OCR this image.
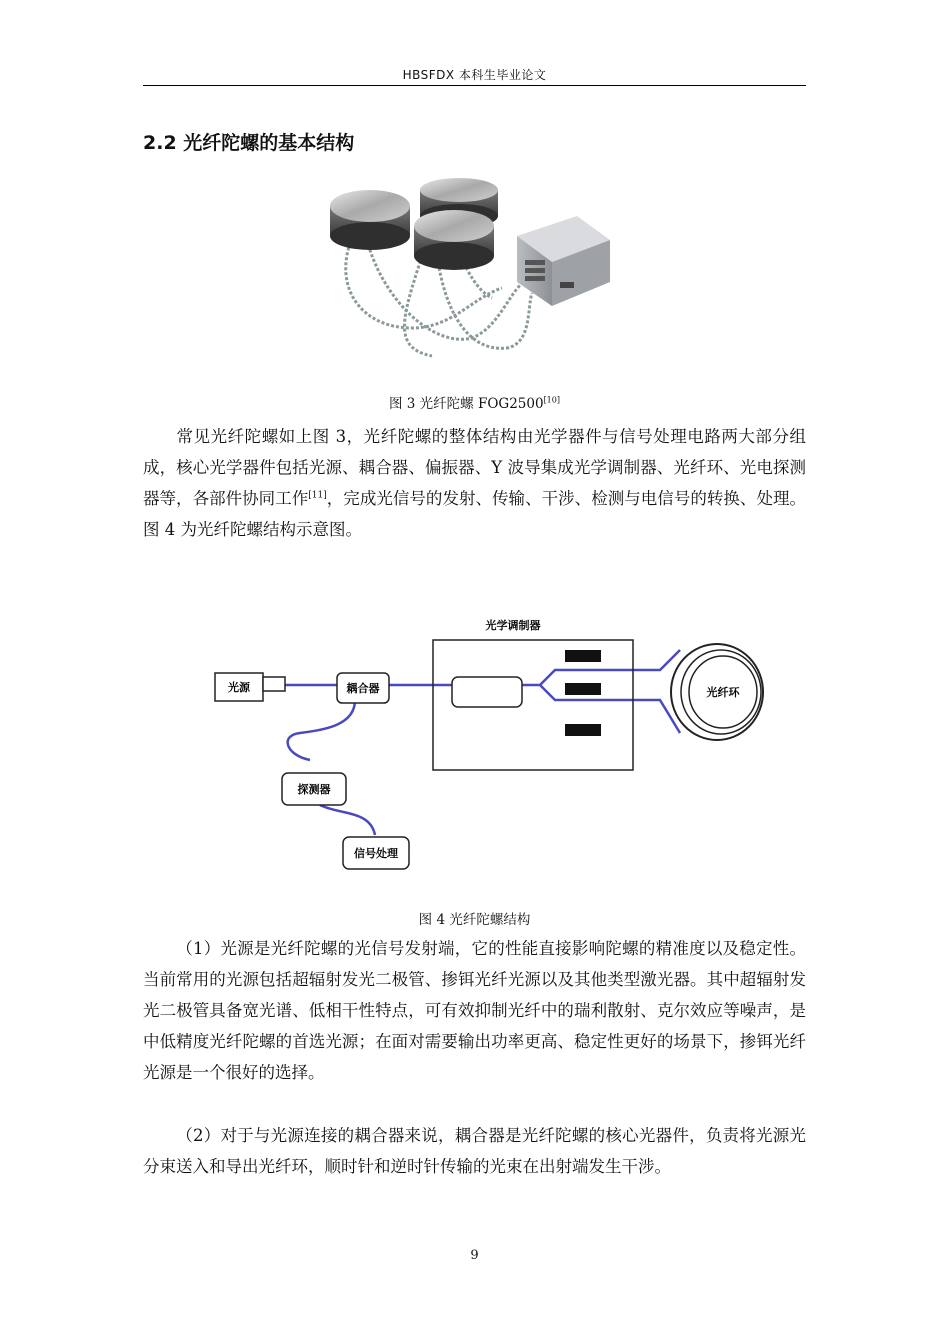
HBSFDX 本科生毕业论文
2.2 光纤陀螺的基本结构
图 3 光纤陀螺 FOG2500[10]

常见光纤陀螺如上图 3，光纤陀螺的整体结构由光学器件与信号处理电路两大部分组成，核心光学器件包括光源、耦合器、偏振器、Y 波导集成光学调制器、光纤环、光电探测器等，各部件协同工作[11]，完成光信号的发射、传输、干涉、检测与电信号的转换、处理。图 4 为光纤陀螺结构示意图。

光源	耦合器
光学调制器
光纤环
探测器
信号处理
图 4 光纤陀螺结构

（1）光源是光纤陀螺的光信号发射端，它的性能直接影响陀螺的精准度以及稳定性。当前常用的光源包括超辐射发光二极管、掺铒光纤光源以及其他类型激光器。其中超辐射发光二极管具备宽光谱、低相干性特点，可有效抑制光纤中的瑞利散射、克尔效应等噪声，是中低精度光纤陀螺的首选光源；在面对需要输出功率更高、稳定性更好的场景下，掺铒光纤光源是一个很好的选择。

（2）对于与光源连接的耦合器来说，耦合器是光纤陀螺的核心光器件，负责将光源光分束送入和导出光纤环，顺时针和逆时针传输的光束在出射端发生干涉。

9
